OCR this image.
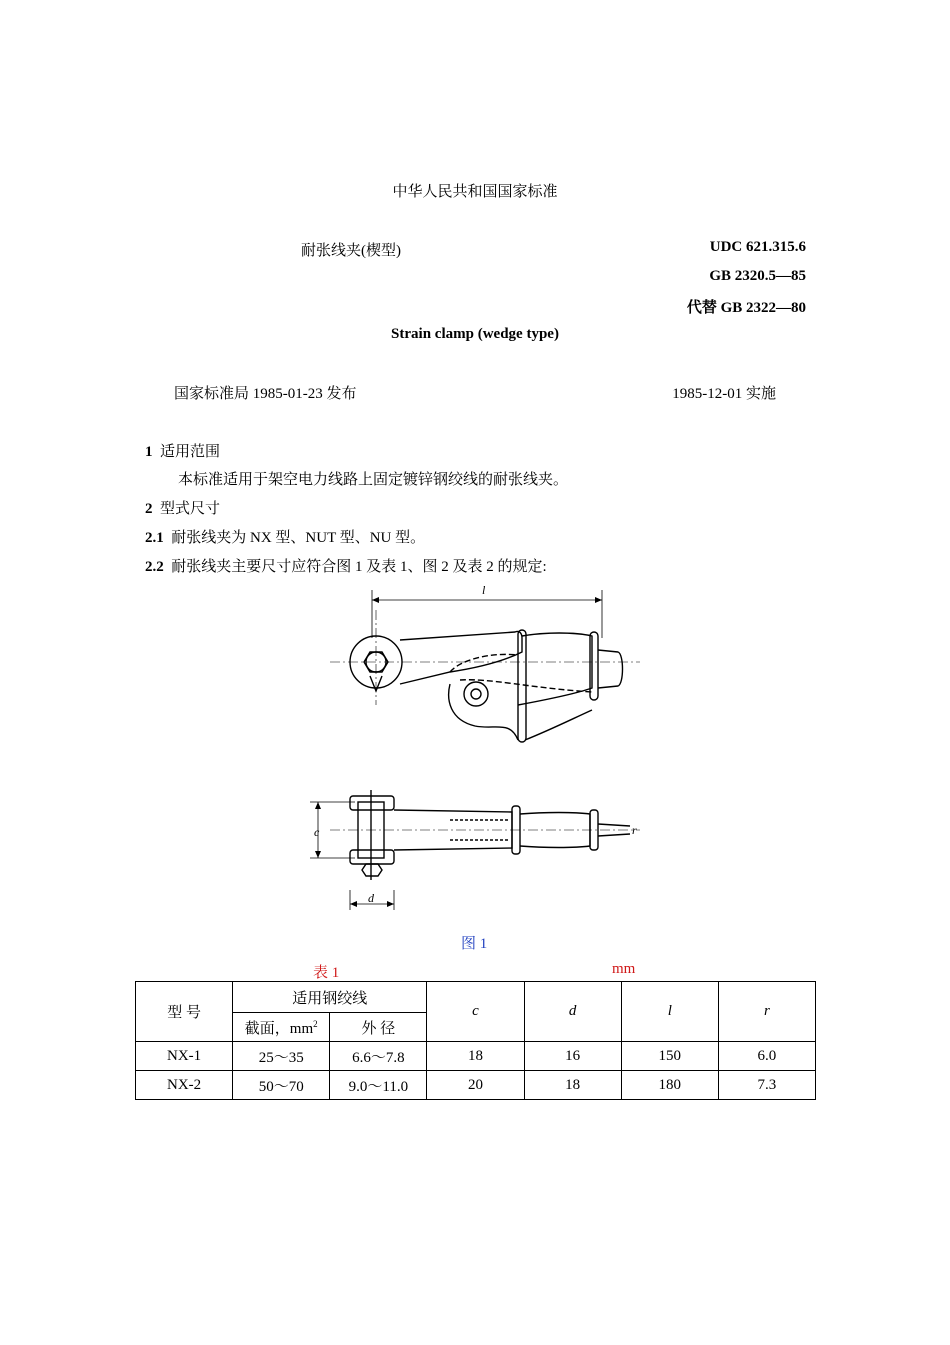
中华人民共和国国家标准
耐张线夹(楔型)	UDC 621.315.6
GB 2320.5—85
代替 GB 2322—80
Strain clamp (wedge type)
国家标准局 1985-01-23 发布	1985-12-01 实施
1 适用范围
本标准适用于架空电力线路上固定镀锌钢绞线的耐张线夹。
2 型式尺寸
2.1 耐张线夹为 NX 型、NUT 型、NU 型。
2.2 耐张线夹主要尺寸应符合图 1 及表 1、图 2 及表 2 的规定:
l
c
d
r
图 1
表 1	mm
型 号	适用钢绞线		c	d	l	r
	截面，$mm^2$	外 径				
NX-1	25～35	6.6～7.8	18	16	150	6.0
NX-2	50～70	9.0～11.0	20	18	180	7.3
